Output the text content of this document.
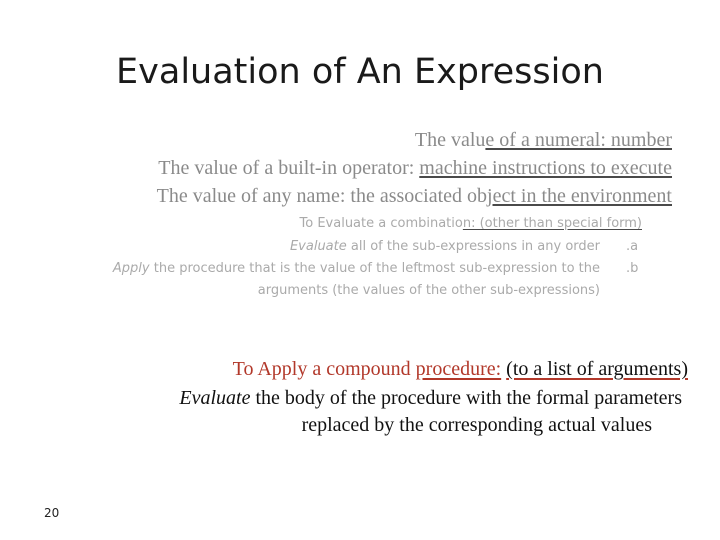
Evaluation of An Expression
The value of a numeral: number
The value of a built-in operator: machine instructions to execute
The value of any name: the associated object in the environment
To Evaluate a combination: (other than special form)
Evaluate all of the sub-expressions in any order .a
Apply the procedure that is the value of the leftmost sub-expression to the .b
arguments (the values of the other sub-expressions)
To Apply a compound procedure: (to a list of arguments)
Evaluate the body of the procedure with the formal parameters
replaced by the corresponding actual values
20
